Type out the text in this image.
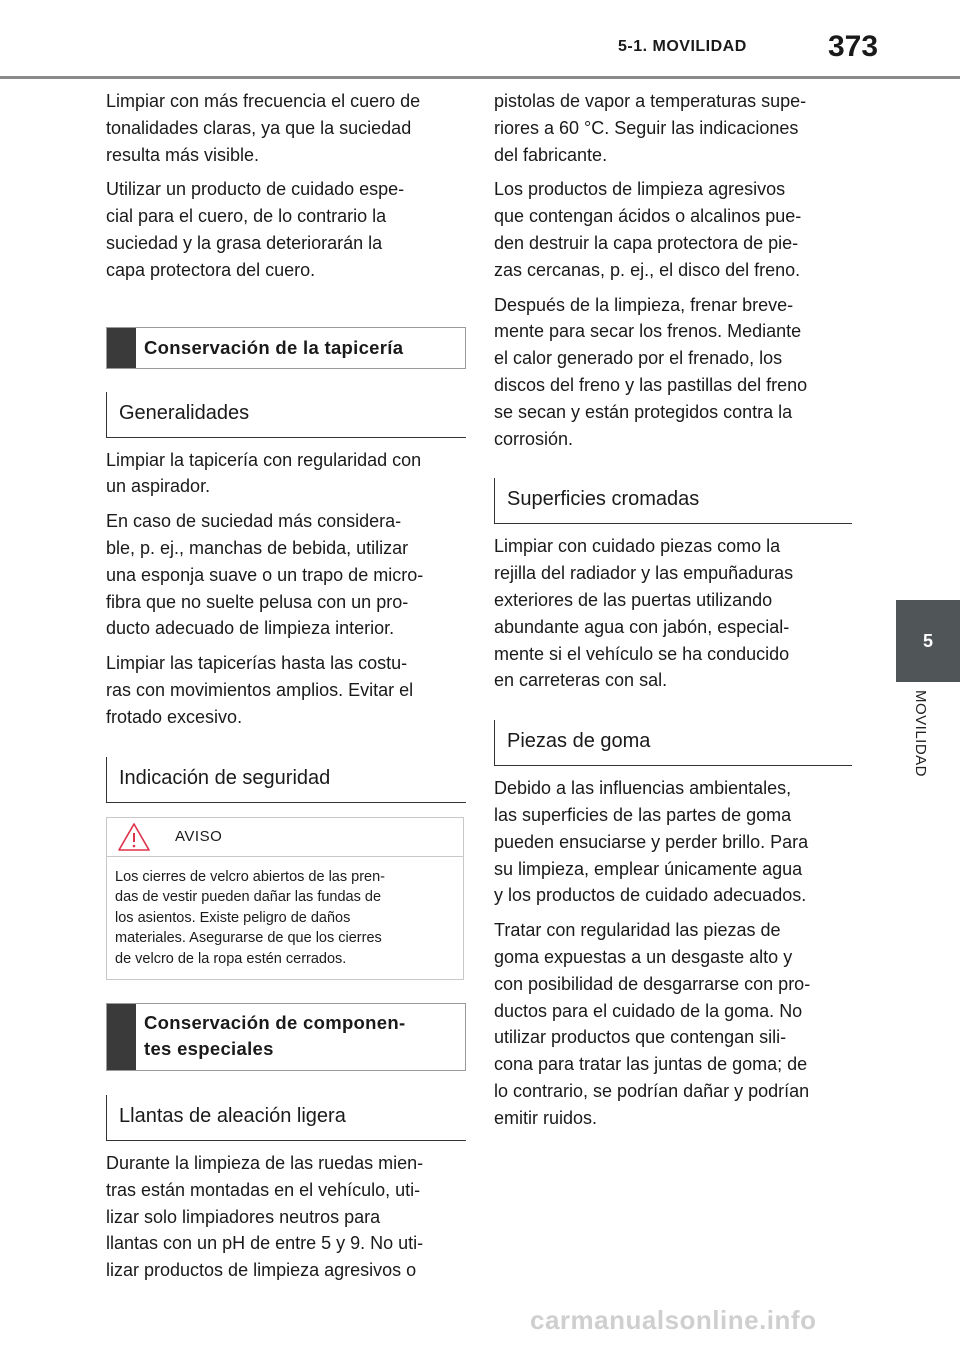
5-1. MOVILIDAD	373
5
MOVILIDAD

Limpiar con más frecuencia el cuero de
tonalidades claras, ya que la suciedad
resulta más visible.

Utilizar un producto de cuidado espe-
cial para el cuero, de lo contrario la
suciedad y la grasa deteriorarán la
capa protectora del cuero.

Conservación de la tapicería
Generalidades

Limpiar la tapicería con regularidad con
un aspirador.

En caso de suciedad más considera-
ble, p. ej., manchas de bebida, utilizar
una esponja suave o un trapo de micro-
fibra que no suelte pelusa con un pro-
ducto adecuado de limpieza interior.

Limpiar las tapicerías hasta las costu-
ras con movimientos amplios. Evitar el
frotado excesivo.

Indicación de seguridad
AVISO
Los cierres de velcro abiertos de las pren-
das de vestir pueden dañar las fundas de
los asientos. Existe peligro de daños
materiales. Asegurarse de que los cierres
de velcro de la ropa estén cerrados.
Conservación de componen-
tes especiales
Llantas de aleación ligera

Durante la limpieza de las ruedas mien-
tras están montadas en el vehículo, uti-
lizar solo limpiadores neutros para
llantas con un pH de entre 5 y 9. No uti-
lizar productos de limpieza agresivos o

pistolas de vapor a temperaturas supe-
riores a 60 °C. Seguir las indicaciones
del fabricante.

Los productos de limpieza agresivos
que contengan ácidos o alcalinos pue-
den destruir la capa protectora de pie-
zas cercanas, p. ej., el disco del freno.

Después de la limpieza, frenar breve-
mente para secar los frenos. Mediante
el calor generado por el frenado, los
discos del freno y las pastillas del freno
se secan y están protegidos contra la
corrosión.

Superficies cromadas

Limpiar con cuidado piezas como la
rejilla del radiador y las empuñaduras
exteriores de las puertas utilizando
abundante agua con jabón, especial-
mente si el vehículo se ha conducido
en carreteras con sal.

Piezas de goma

Debido a las influencias ambientales,
las superficies de las partes de goma
pueden ensuciarse y perder brillo. Para
su limpieza, emplear únicamente agua
y los productos de cuidado adecuados.

Tratar con regularidad las piezas de
goma expuestas a un desgaste alto y
con posibilidad de desgarrarse con pro-
ductos para el cuidado de la goma. No
utilizar productos que contengan sili-
cona para tratar las juntas de goma; de
lo contrario, se podrían dañar y podrían
emitir ruidos.

carmanualsonline.info
